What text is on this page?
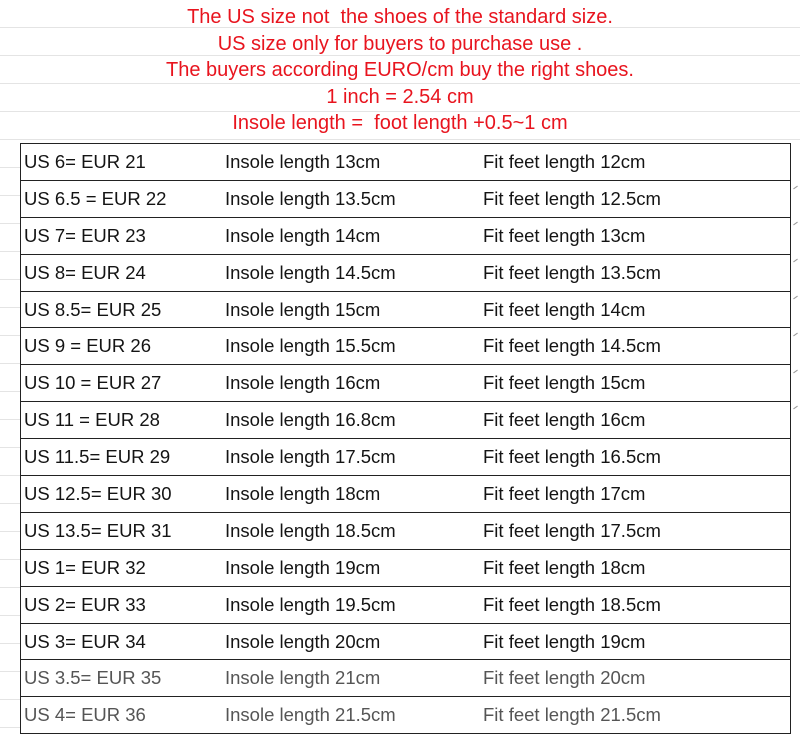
The US size not  the shoes of the standard size.
US size only for buyers to purchase use .
The buyers according EURO/cm buy the right shoes.
1 inch = 2.54 cm
Insole length =  foot length +0.5~1 cm
US 6= EUR 21	Insole length 13cm	Fit feet length 12cm
US 6.5 = EUR 22	Insole length 13.5cm	Fit feet length 12.5cm
US 7= EUR 23	Insole length 14cm	Fit feet length 13cm
US 8= EUR 24	Insole length 14.5cm	Fit feet length 13.5cm
US 8.5= EUR 25	Insole length 15cm	Fit feet length 14cm
US 9 = EUR 26	Insole length 15.5cm	Fit feet length 14.5cm
US 10 = EUR 27	Insole length 16cm	Fit feet length 15cm
US 11 = EUR 28	Insole length 16.8cm	Fit feet length 16cm
US 11.5= EUR 29	Insole length 17.5cm	Fit feet length 16.5cm
US 12.5= EUR 30	Insole length 18cm	Fit feet length 17cm
US 13.5= EUR 31	Insole length 18.5cm	Fit feet length 17.5cm
US 1= EUR 32	Insole length 19cm	Fit feet length 18cm
US 2= EUR 33	Insole length 19.5cm	Fit feet length 18.5cm
US 3= EUR 34	Insole length 20cm	Fit feet length 19cm
US 3.5= EUR 35	Insole length 21cm	Fit feet length 20cm
US 4= EUR 36	Insole length 21.5cm	Fit feet length 21.5cm
